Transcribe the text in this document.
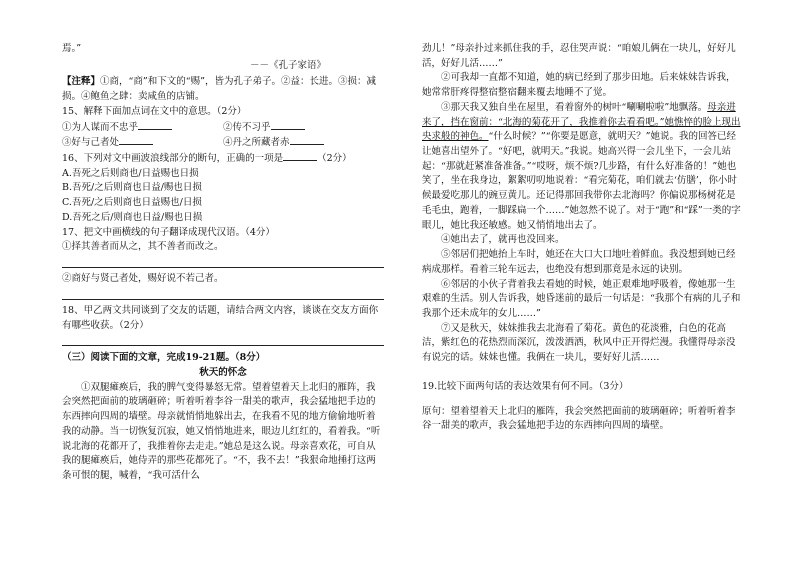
焉。”

－－《孔子家语》

【注释】①商，“商”和下文的“赐”，皆为孔子弟子。②益：长进。③损：减损。④鲍鱼之肆：卖咸鱼的店铺。

15、解释下面加点词在文中的意思。（2分）

①为人谋而不忠乎	②传不习乎
③好与己者处	④丹之所藏者赤

16、下列对文中画波浪线部分的断句，正确的一项是	（2分）

A.吾死之后则商也/日益赐也日损

B.吾死/之后则商也日益/赐也日损

C.吾死/之后则商也日益赐也/日损

D.吾死之后/则商也日益/赐也日损

17、把文中画横线的句子翻译成现代汉语。（4分）

①择其善者而从之，其不善者而改之。

②商好与贤己者处，赐好说不若己者。

18、甲乙两文共同谈到了交友的话题，请结合两文内容，谈谈在交友方面你有哪些收获。（2分）

（三）阅读下面的文章，完成19-21题。（8分）

秋天的怀念

①双腿瘫痪后，我的脾气变得暴怒无常。望着望着天上北归的雁阵，我会突然把面前的玻璃砸碎；听着听着李谷一甜美的歌声，我会猛地把手边的东西摔向四周的墙壁。母亲就悄悄地躲出去，在我看不见的地方偷偷地听着我的动静。当一切恢复沉寂，她又悄悄地进来，眼边儿红红的，看着我。“听说北海的花都开了，我推着你去走走。”她总是这么说。母亲喜欢花，可自从我的腿瘫痪后，她侍弄的那些花都死了。“不，我不去！”我狠命地捶打这两条可恨的腿，喊着，“我可活什么

劲儿！”母亲扑过来抓住我的手，忍住哭声说：“咱娘儿俩在一块儿，好好儿活，好好儿活……”

②可我却一直都不知道，她的病已经到了那步田地。后来妹妹告诉我，她常常肝疼得整宿整宿翻来覆去地睡不了觉。

③那天我又独自坐在屋里，看着窗外的树叶“唰唰啦啦”地飘落。母亲进来了，挡在窗前：“北海的菊花开了，我推着你去看看吧。”她憔悴的脸上现出央求般的神色。“什么时候？”“你要是愿意，就明天？”她说。我的回答已经让她喜出望外了。“好吧，就明天。”我说。她高兴得一会儿坐下，一会儿站起：“那就赶紧准备准备。”“哎呀，烦不烦?几步路，有什么好准备的！”她也笑了，坐在我身边，絮絮叨叨地说着：“看完菊花，咱们就去‘仿膳’，你小时候最爱吃那儿的豌豆黄儿。还记得那回我带你去北海吗？你偏说那杨树花是毛毛虫，跑着，一脚踩扁一个……”她忽然不说了。对于“跑”和“踩”一类的字眼儿，她比我还敏感。她又悄悄地出去了。

④她出去了，就再也没回来。

⑤邻居们把她抬上车时，她还在大口大口地吐着鲜血。我没想到她已经病成那样。看着三轮车远去，也绝没有想到那竟是永远的诀别。

⑥邻居的小伙子背着我去看她的时候，她正艰难地呼吸着，像她那一生艰难的生活。别人告诉我，她昏迷前的最后一句话是：“我那个有病的儿子和我那个还未成年的女儿……”

⑦又是秋天，妹妹推我去北海看了菊花。黄色的花淡雅，白色的花高洁，紫红色的花热烈而深沉，泼泼洒洒，秋风中正开得烂漫。我懂得母亲没有说完的话。妹妹也懂。我俩在一块儿，要好好儿活……

19.比较下面两句话的表达效果有何不同。（3分）

原句：望着望着天上北归的雁阵，我会突然把面前的玻璃砸碎；听着听着李谷一甜美的歌声，我会猛地把手边的东西摔向四周的墙壁。
